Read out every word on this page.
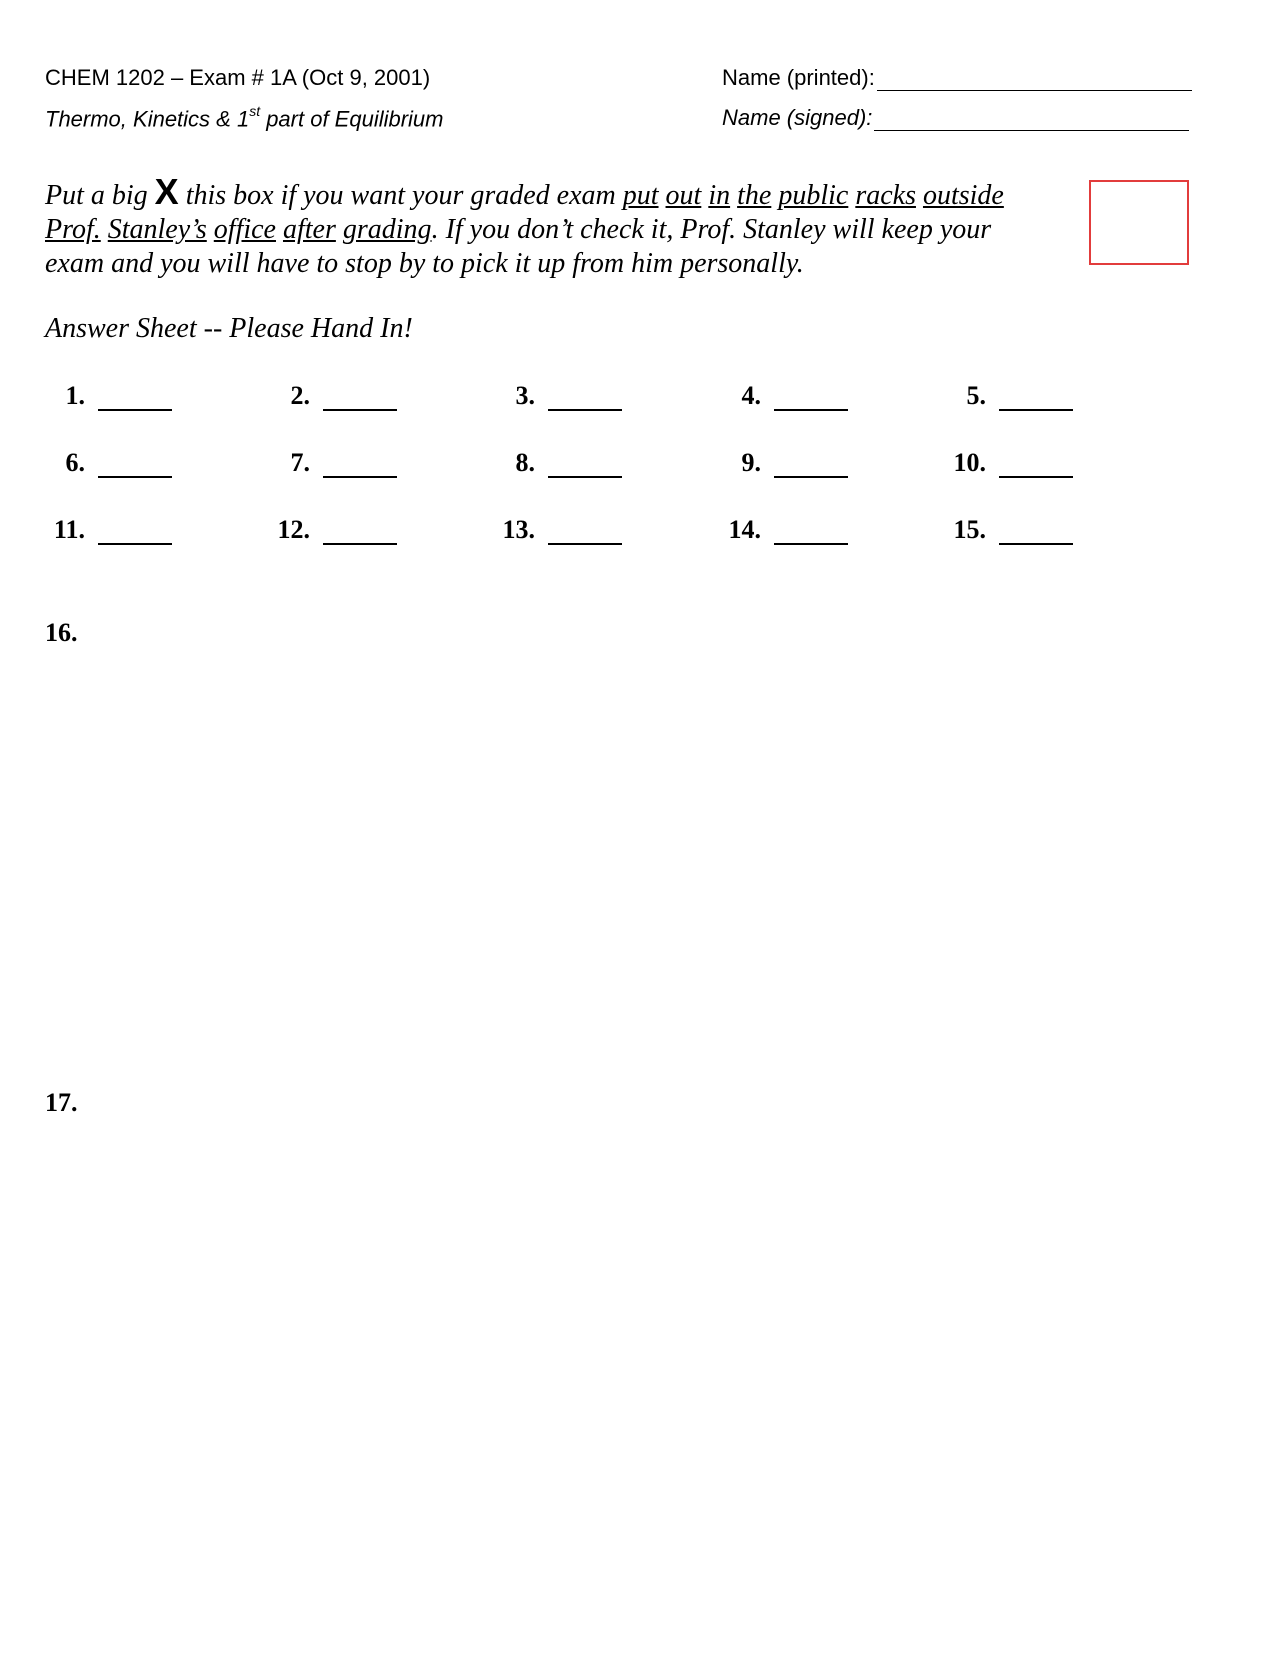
CHEM 1202 – Exam # 1A (Oct 9, 2001)
Thermo, Kinetics & 1st part of Equilibrium
Name (printed):
Name (signed):
Put a big X this box if you want your graded exam put out in the public racks outside Prof. Stanley’s office after grading. If you don’t check it, Prof. Stanley will keep your exam and you will have to stop by to pick it up from him personally.
Answer Sheet -- Please Hand In!
1.	2.	3.	4.	5.
6.	7.	8.	9.	10.
11.	12.	13.	14.	15.
16.
17.
